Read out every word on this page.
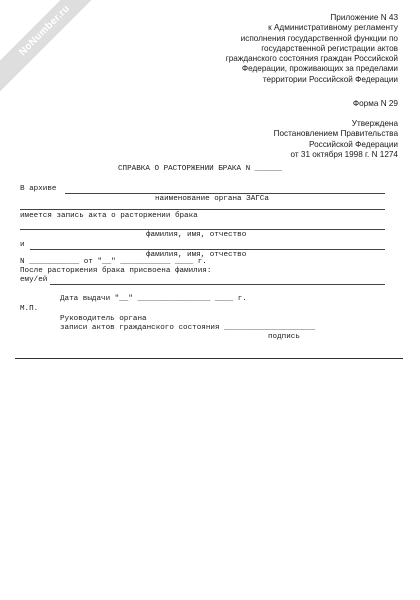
NoNumber.ru	Приложение N 43
к Административному регламенту
исполнения государственной функции по
государственной регистрации актов
гражданского состояния граждан Российской
Федерации, проживающих за пределами
территории Российской Федерации
Форма N 29
Утверждена
Постановлением Правительства
Российской Федерации
от 31 октября 1998 г. N 1274
СПРАВКА О РАСТОРЖЕНИИ БРАКА N ______
В архиве
наименование органа ЗАГСа
имеется запись акта о расторжении брака
фамилия, имя, отчество
и
фамилия, имя, отчество
N ___________ от "__" ___________ ____ г.
После расторжения брака присвоена фамилия:
ему/ей
Дата выдачи "__" ________________ ____ г.
М.П.
Руководитель органа
записи актов гражданского состояния ____________________
подпись
